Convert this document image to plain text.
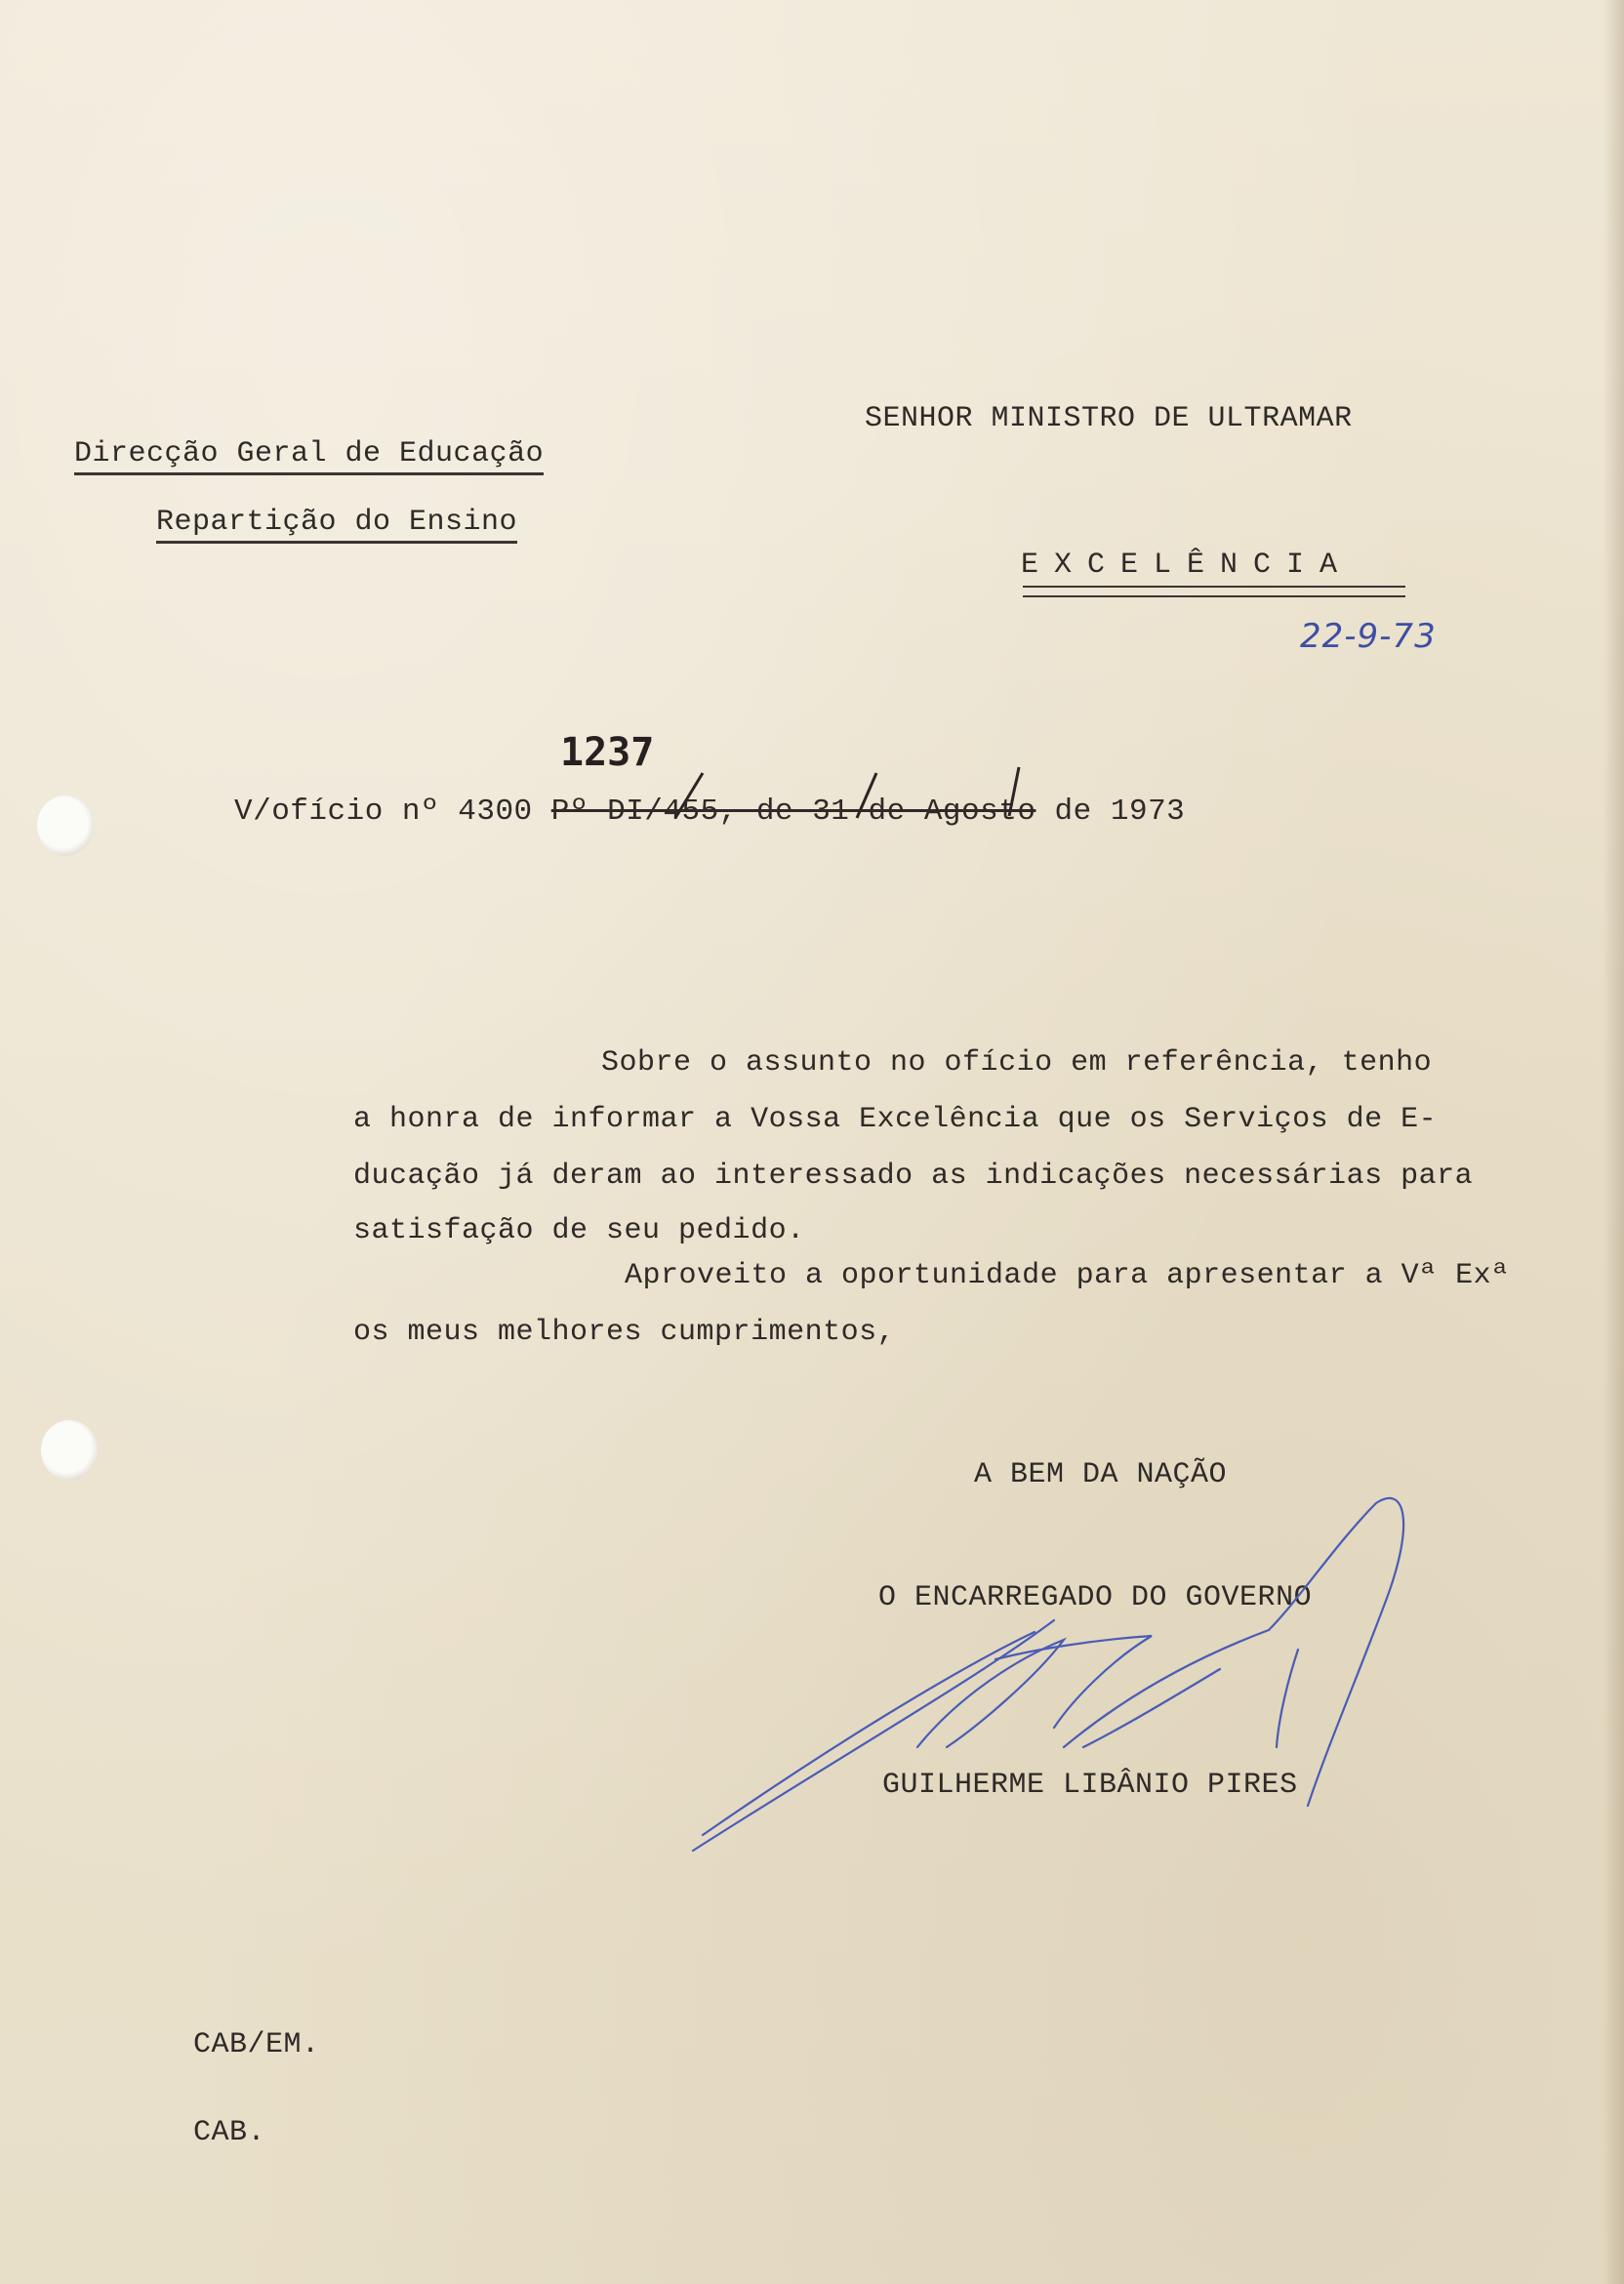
SENHOR MINISTRO DE ULTRAMAR
Direcção Geral de Educação
Repartição do Ensino
EXCELÊNCIA
22-9-73
1237
V/ofício nº 4300 Pº DI/455, de 31 de Agosto de 1973
Sobre o assunto no ofício em referência, tenho
a honra de informar a Vossa Excelência que os Serviços de E-
ducação já deram ao interessado as indicações necessárias para
satisfação de seu pedido.
Aproveito a oportunidade para apresentar a Vª Exª
os meus melhores cumprimentos,
A BEM DA NAÇÃO
O ENCARREGADO DO GOVERNO
GUILHERME LIBÂNIO PIRES
CAB/EM.
CAB.
